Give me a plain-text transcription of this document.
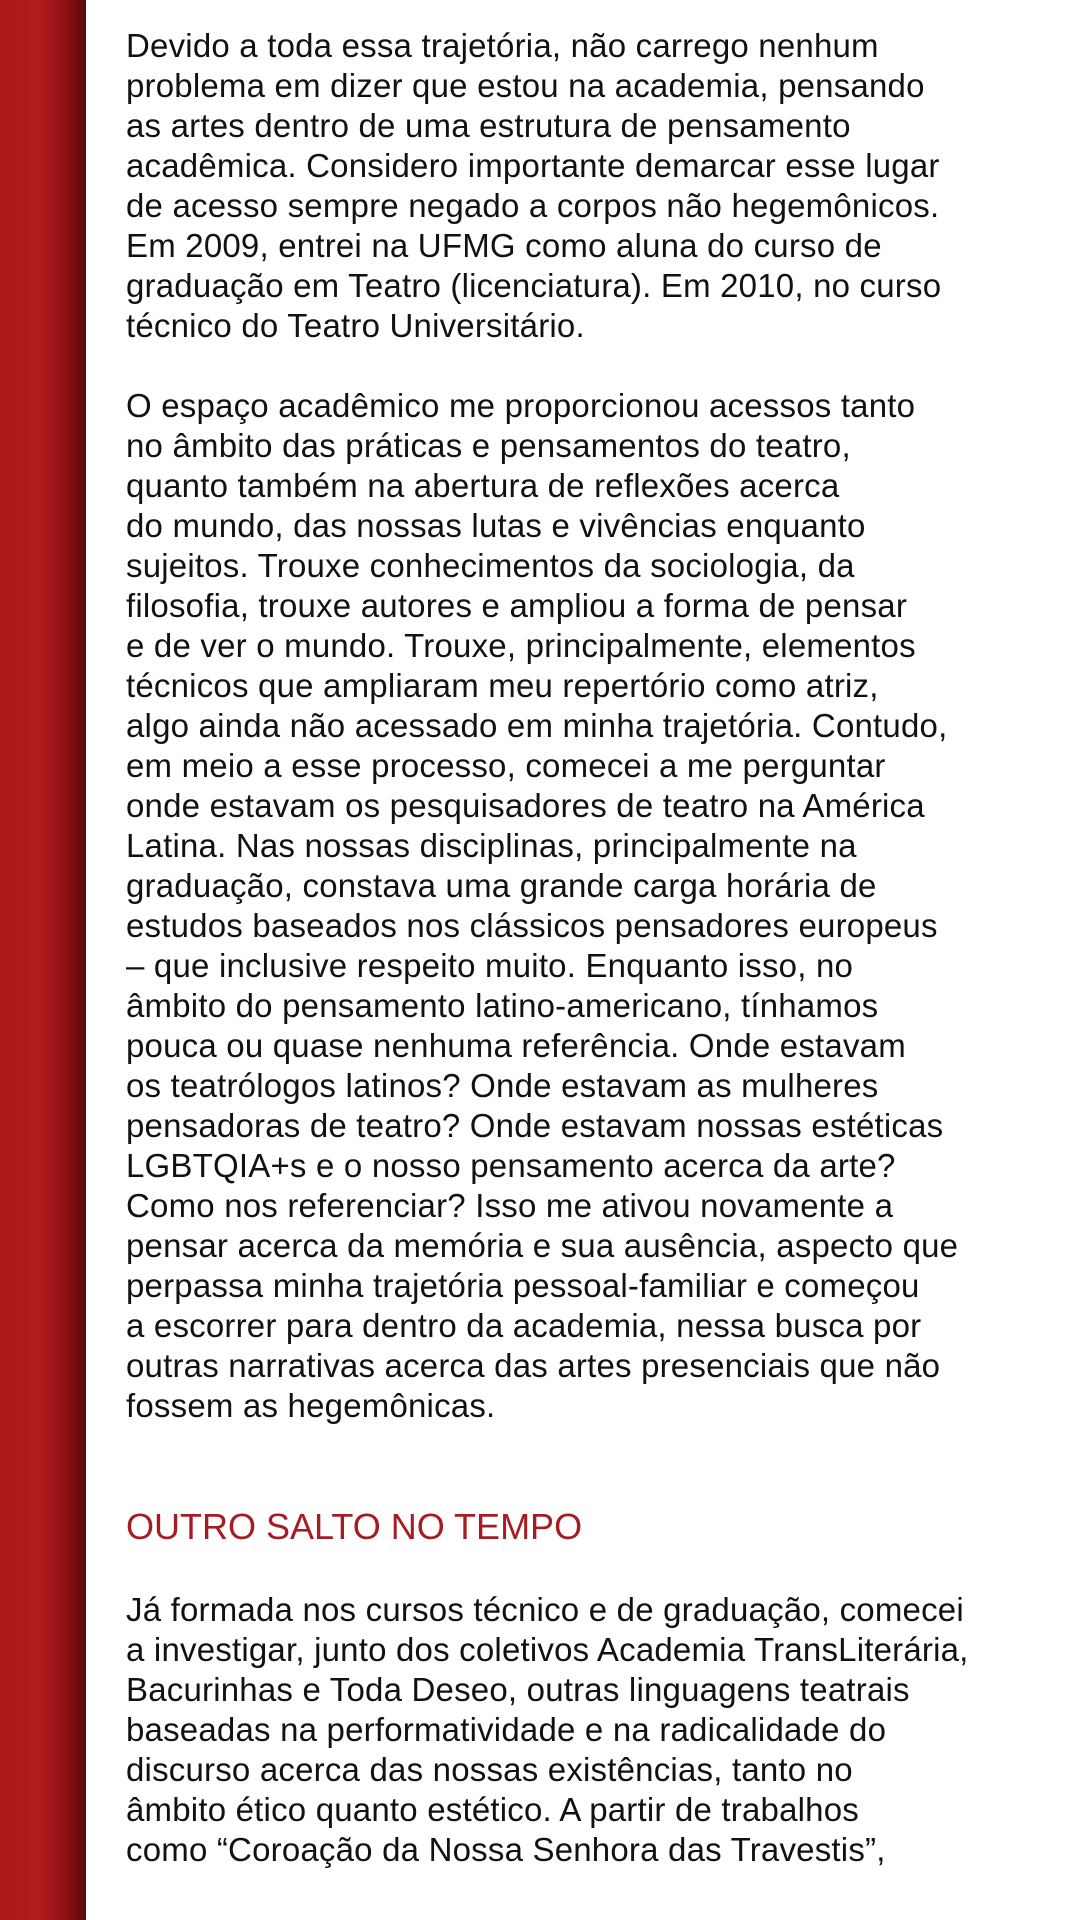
Devido a toda essa trajetória, não carrego nenhum
problema em dizer que estou na academia, pensando
as artes dentro de uma estrutura de pensamento
acadêmica. Considero importante demarcar esse lugar
de acesso sempre negado a corpos não hegemônicos.
Em 2009, entrei na UFMG como aluna do curso de
graduação em Teatro (licenciatura). Em 2010, no curso
técnico do Teatro Universitário.

O espaço acadêmico me proporcionou acessos tanto
no âmbito das práticas e pensamentos do teatro,
quanto também na abertura de reflexões acerca
do mundo, das nossas lutas e vivências enquanto
sujeitos. Trouxe conhecimentos da sociologia, da
filosofia, trouxe autores e ampliou a forma de pensar
e de ver o mundo. Trouxe, principalmente, elementos
técnicos que ampliaram meu repertório como atriz,
algo ainda não acessado em minha trajetória. Contudo,
em meio a esse processo, comecei a me perguntar
onde estavam os pesquisadores de teatro na América
Latina. Nas nossas disciplinas, principalmente na
graduação, constava uma grande carga horária de
estudos baseados nos clássicos pensadores europeus
– que inclusive respeito muito. Enquanto isso, no
âmbito do pensamento latino-americano, tínhamos
pouca ou quase nenhuma referência. Onde estavam
os teatrólogos latinos? Onde estavam as mulheres
pensadoras de teatro? Onde estavam nossas estéticas
LGBTQIA+s e o nosso pensamento acerca da arte?
Como nos referenciar? Isso me ativou novamente a
pensar acerca da memória e sua ausência, aspecto que
perpassa minha trajetória pessoal-familiar e começou
a escorrer para dentro da academia, nessa busca por
outras narrativas acerca das artes presenciais que não
fossem as hegemônicas.

OUTRO SALTO NO TEMPO

Já formada nos cursos técnico e de graduação, comecei
a investigar, junto dos coletivos Academia TransLiterária,
Bacurinhas e Toda Deseo, outras linguagens teatrais
baseadas na performatividade e na radicalidade do
discurso acerca das nossas existências, tanto no
âmbito ético quanto estético. A partir de trabalhos
como “Coroação da Nossa Senhora das Travestis”,
